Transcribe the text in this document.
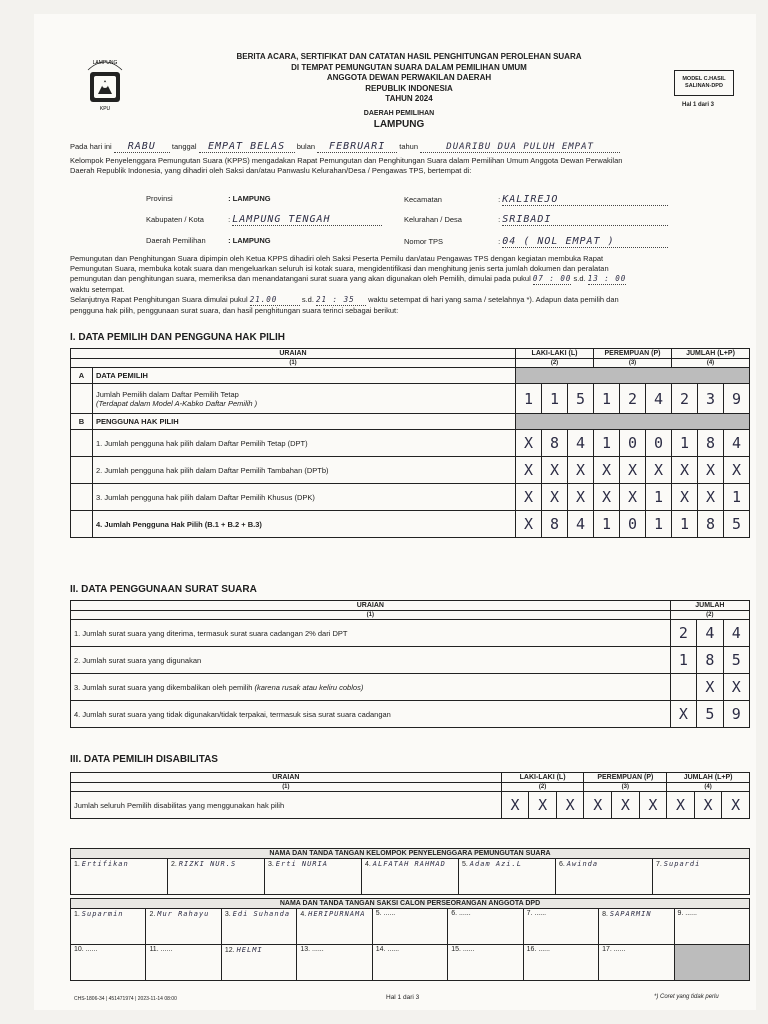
LAMPUNG
KPU
BERITA ACARA, SERTIFIKAT DAN CATATAN HASIL PENGHITUNGAN PEROLEHAN SUARA
DI TEMPAT PEMUNGUTAN SUARA DALAM PEMILIHAN UMUM
ANGGOTA DEWAN PERWAKILAN DAERAH
REPUBLIK INDONESIA
TAHUN 2024
MODEL C.HASIL
SALINAN-DPD
Hal 1 dari 3
DAERAH PEMILIHAN
LAMPUNG
Pada hari ini RABU tanggal EMPAT BELAS bulan FEBRUARI tahun	DUARIBU DUA PULUH EMPAT
Kelompok Penyelenggara Pemungutan Suara (KPPS) mengadakan Rapat Pemungutan dan Penghitungan Suara dalam Pemilihan Umum Anggota Dewan Perwakilan
Daerah Republik Indonesia, yang dihadiri oleh Saksi dan/atau Panwaslu Kelurahan/Desa / Pengawas TPS, bertempat di:
Provinsi	: LAMPUNG
Kabupaten / Kota	: LAMPUNG TENGAH
Daerah Pemilihan	: LAMPUNG
Kecamatan	: KALIREJO
Kelurahan / Desa	: SRIBADI
Nomor TPS	: 04 ( NOL EMPAT )
Pemungutan dan Penghitungan Suara dipimpin oleh Ketua KPPS dihadiri oleh Saksi Peserta Pemilu dan/atau Pengawas TPS dengan kegiatan membuka Rapat
Pemungutan Suara, membuka kotak suara dan mengeluarkan seluruh isi kotak suara, mengidentifikasi dan menghitung jenis serta jumlah dokumen dan peralatan
pemungutan dan penghitungan suara, memeriksa dan menandatangani surat suara yang akan digunakan oleh Pemilih, dimulai pada pukul 07 : 00 s.d. 13 : 00
waktu setempat.
Selanjutnya Rapat Penghitungan Suara dimulai pukul 21.00	s.d. 21 : 35 waktu setempat di hari yang sama / setelahnya *). Adapun data pemilih dan
pengguna hak pilih, penggunaan surat suara, dan hasil penghitungan suara terinci sebagai berikut:
I. DATA PEMILIH DAN PENGGUNA HAK PILIH
URAIAN		LAKI-LAKI (L)			PEREMPUAN (P)			JUMLAH (L+P)		
(1)		(2)			(3)			(4)		
A	DATA PEMILIH									

	Jumlah Pemilih dalam Daftar Pemilih Tetap
(Terdapat dalam Model A-Kabko Daftar Pemilih )	1	1	5	1	2	4	2	3	9
B	PENGGUNA HAK PILIH									
	1. Jumlah pengguna hak pilih dalam Daftar Pemilih Tetap (DPT)	X	8	4	1	0	0	1	8	4
	2. Jumlah pengguna hak pilih dalam Daftar Pemilih Tambahan (DPTb)	X	X	X	X	X	X	X	X	X
	3. Jumlah pengguna hak pilih dalam Daftar Pemilih Khusus (DPK)	X	X	X	X	X	1	X	X	1
	4. Jumlah Pengguna Hak Pilih (B.1 + B.2 + B.3)	X	8	4	1	0	1	1	8	5
II. DATA PENGGUNAAN SURAT SUARA
URAIAN	JUMLAH		
(1)	(2)		
1. Jumlah surat suara yang diterima, termasuk surat suara cadangan 2% dari DPT	2	4	4
2. Jumlah surat suara yang digunakan	1	8	5
3. Jumlah surat suara yang dikembalikan oleh pemilih (karena rusak atau keliru coblos)		X	X
4. Jumlah surat suara yang tidak digunakan/tidak terpakai, termasuk sisa surat suara cadangan	X	5	9
III. DATA PEMILIH DISABILITAS
URAIAN	LAKI-LAKI (L)			PEREMPUAN (P)			JUMLAH (L+P)		
(1)	(2)			(3)			(4)		
Jumlah seluruh Pemilih disabilitas yang menggunakan hak pilih	X	X	X	X	X	X	X	X	X
NAMA DAN TANDA TANGAN KELOMPOK PENYELENGGARA PEMUNGUTAN SUARA
1. Ertifikan	2. RIZKI NUR.S	3. Erti NURIA	4. ALFATAH RAHMAD	5. Adam Azi.L	6. Awinda	7. Supardi
NAMA DAN TANDA TANGAN SAKSI CALON PERSEORANGAN ANGGOTA DPD								
1. Suparmin	2. Mur Rahayu	3. Edi Suhanda	4. HERIPURNAMA	5. ......	6. ......	7. ......	8. SAPARMIN	9. ......
10. ......	11. ......	12. HELMI	13. ......	14. ......	15. ......	16. ......	17. ......	
CHS-1806-34 | 451471974 | 2023-11-14 08:00	Hal 1 dari 3	*) Coret yang tidak perlu
